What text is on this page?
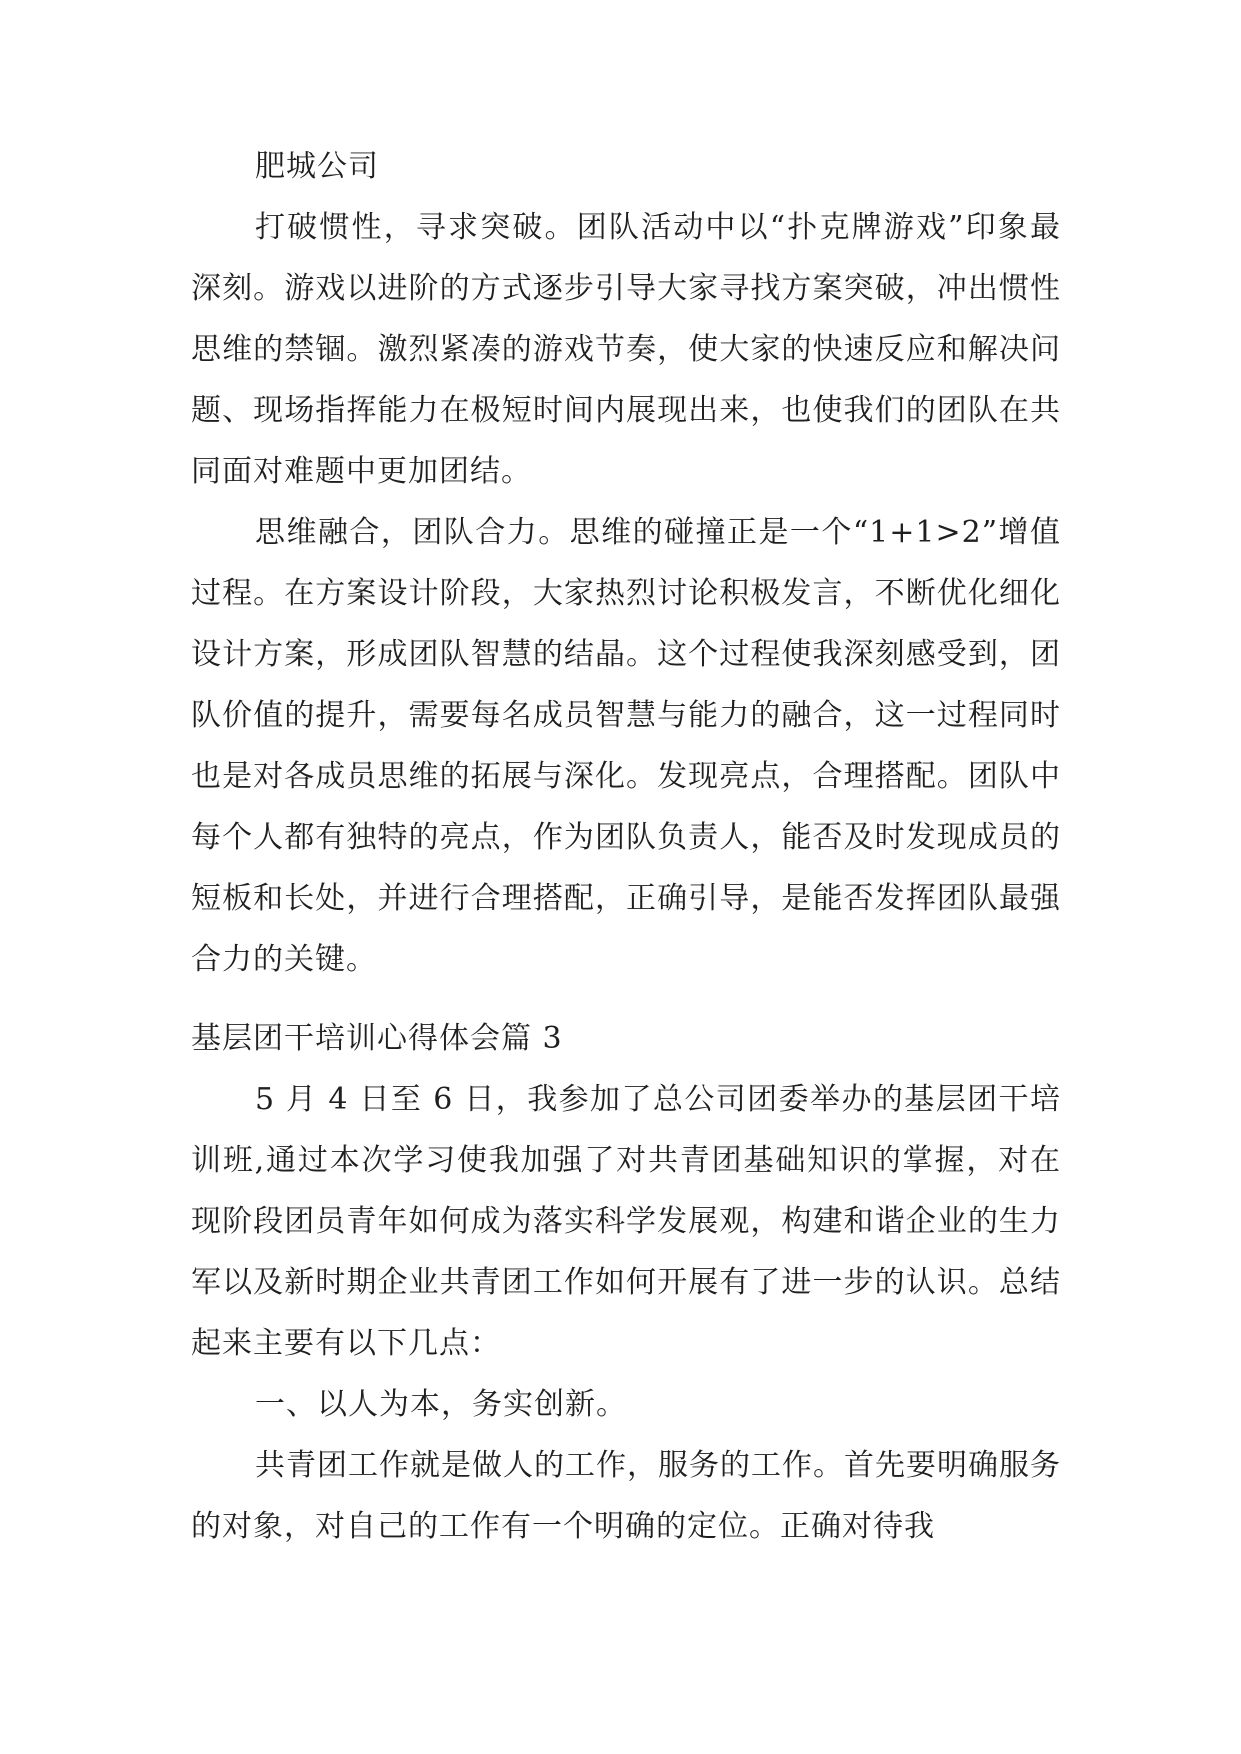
肥城公司

打破惯性，寻求突破。团队活动中以“扑克牌游戏”印象最深刻。游戏以进阶的方式逐步引导大家寻找方案突破，冲出惯性思维的禁锢。激烈紧凑的游戏节奏，使大家的快速反应和解决问题、现场指挥能力在极短时间内展现出来，也使我们的团队在共同面对难题中更加团结。

思维融合，团队合力。思维的碰撞正是一个“1+1>2”增值过程。在方案设计阶段，大家热烈讨论积极发言，不断优化细化设计方案，形成团队智慧的结晶。这个过程使我深刻感受到，团队价值的提升，需要每名成员智慧与能力的融合，这一过程同时也是对各成员思维的拓展与深化。发现亮点，合理搭配。团队中每个人都有独特的亮点，作为团队负责人，能否及时发现成员的短板和长处，并进行合理搭配，正确引导，是能否发挥团队最强合力的关键。

基层团干培训心得体会篇 3

5 月 4 日至 6 日，我参加了总公司团委举办的基层团干培训班,通过本次学习使我加强了对共青团基础知识的掌握，对在现阶段团员青年如何成为落实科学发展观，构建和谐企业的生力军以及新时期企业共青团工作如何开展有了进一步的认识。总结起来主要有以下几点：

一、以人为本，务实创新。

共青团工作就是做人的工作，服务的工作。首先要明确服务的对象，对自己的工作有一个明确的定位。正确对待我
